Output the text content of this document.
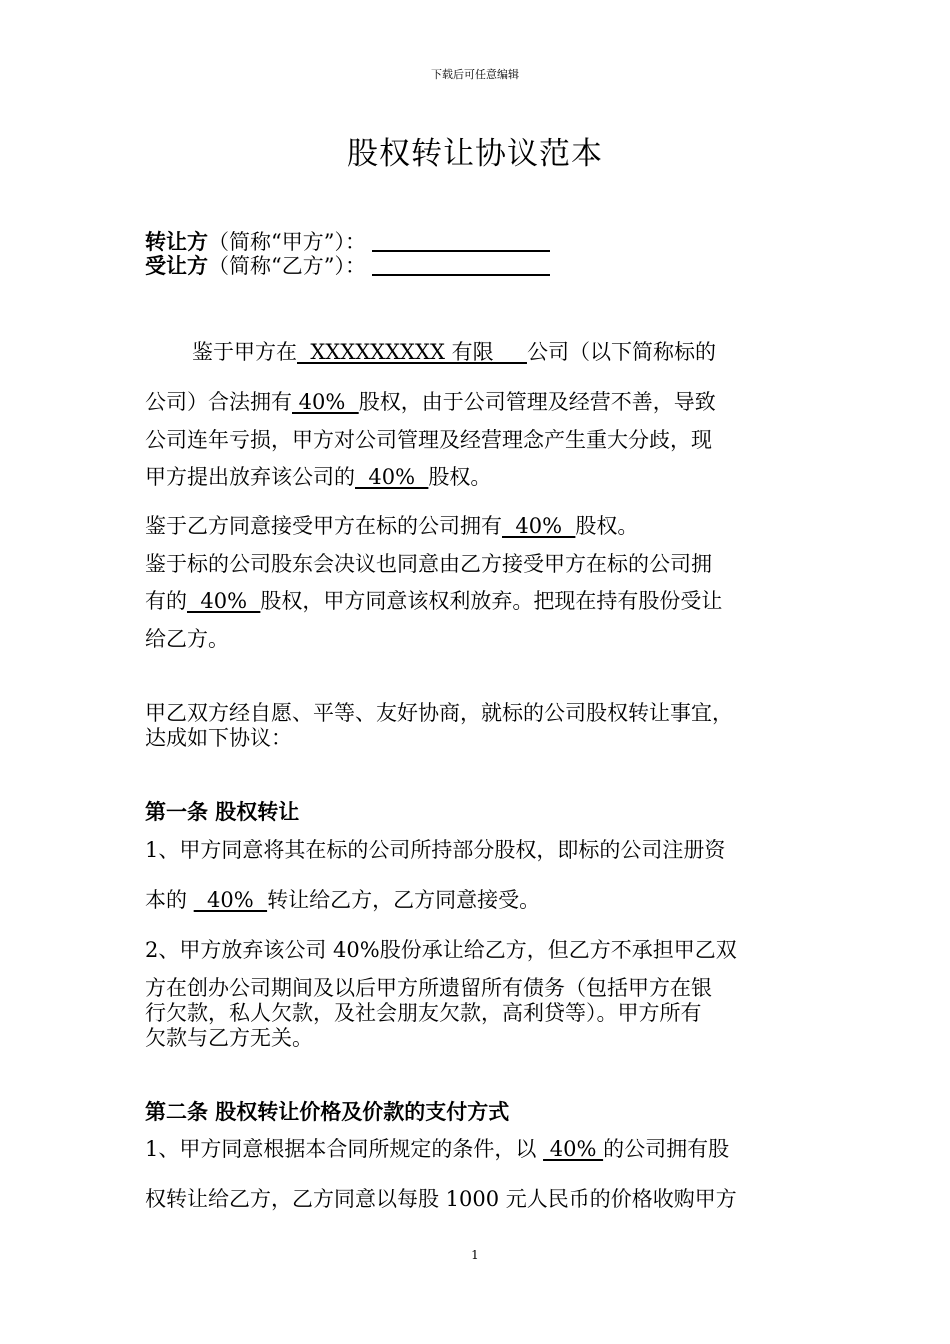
下载后可任意编辑
股权转让协议范本
转让方（简称“甲方”）：
受让方（简称“乙方”）：
鉴于甲方在  XXXXXXXXX 有限     公司（以下简称标的
公司）合法拥有 40%  股权，由于公司管理及经营不善，导致
公司连年亏损，甲方对公司管理及经营理念产生重大分歧，现
甲方提出放弃该公司的  40%  股权。
鉴于乙方同意接受甲方在标的公司拥有  40%  股权。
鉴于标的公司股东会决议也同意由乙方接受甲方在标的公司拥
有的  40%  股权，甲方同意该权利放弃。把现在持有股份受让
给乙方。
甲乙双方经自愿、平等、友好协商，就标的公司股权转让事宜，
达成如下协议：
第一条 股权转让
1、甲方同意将其在标的公司所持部分股权，即标的公司注册资
本的   40%  转让给乙方，乙方同意接受。
2、甲方放弃该公司 40%股份承让给乙方，但乙方不承担甲乙双
方在创办公司期间及以后甲方所遗留所有债务（包括甲方在银
行欠款，私人欠款，及社会朋友欠款，高利贷等）。甲方所有
欠款与乙方无关。
第二条 股权转让价格及价款的支付方式
1、甲方同意根据本合同所规定的条件，以  40% 的公司拥有股
权转让给乙方，乙方同意以每股 1000 元人民币的价格收购甲方
1
